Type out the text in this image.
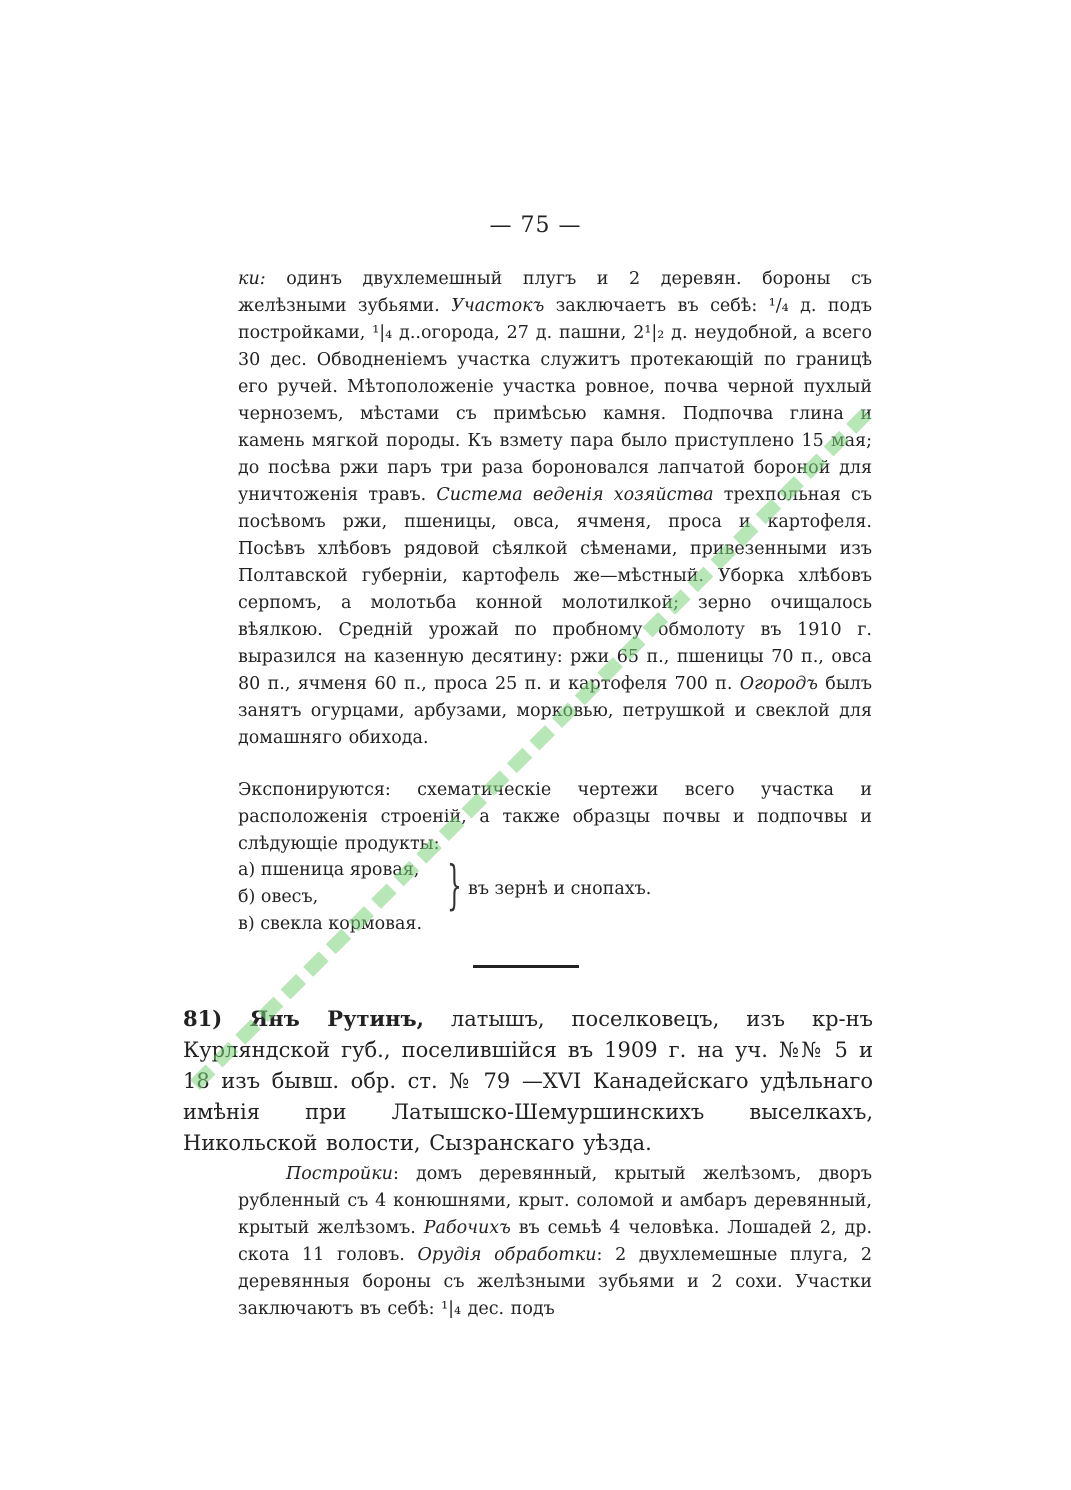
— 75 —

ки: одинъ двухлемешный плугъ и 2 деревян. бороны съ желѣзными зубьями. Участокъ заключаетъ въ себѣ: ¹/₄ д. подъ постройками, ¹|₄ д..огорода, 27 д. пашни, 2¹|₂ д. неудобной, а всего 30 дес. Обводненіемъ участка служитъ протекающій по границѣ его ручей. Мѣтоположеніе участка ровное, почва черной пухлый черноземъ, мѣстами съ примѣсью камня. Подпочва глина и камень мягкой породы. Къ взмету пара было приступлено 15 мая; до посѣва ржи паръ три раза бороновался лапчатой бороной для уничтоженія травъ. Система веденія хозяйства трехпольная съ посѣвомъ ржи, пшеницы, овса, ячменя, проса и картофеля. Посѣвъ хлѣбовъ рядовой сѣялкой сѣменами, привезенными изъ Полтавской губерніи, картофель же—мѣстный. Уборка хлѣбовъ серпомъ, а молотьба конной молотилкой; зерно очищалось вѣялкою. Средній урожай по пробному обмолоту въ 1910 г. выразился на казенную десятину: ржи 65 п., пшеницы 70 п., овса 80 п., ячменя 60 п., проса 25 п. и картофеля 700 п. Огородъ былъ занятъ огурцами, арбузами, морковью, петрушкой и свеклой для домашняго обихода.

Экспонируются: схематическіе чертежи всего участка и расположенія строеній, а также образцы почвы и подпочвы и слѣдующіе продукты:

а) пшеница яровая,
б) овесъ,
в) свекла кормовая.
} въ зернѣ и снопахъ.

81) Янъ Рутинъ, латышъ, поселковецъ, изъ кр-нъ Курляндской губ., поселившійся въ 1909 г. на уч. №№ 5 и 18 изъ бывш. обр. ст. № 79 —XVI Канадейскаго удѣльнаго имѣнія при Латышско-Шемуршинскихъ выселкахъ, Никольской волости, Сызранскаго уѣзда.

Постройки: домъ деревянный, крытый желѣзомъ, дворъ рубленный съ 4 конюшнями, крыт. соломой и амбаръ деревянный, крытый желѣзомъ. Рабочихъ въ семьѣ 4 человѣка. Лошадей 2, др. скота 11 головъ. Орудія обработки: 2 двухлемешные плуга, 2 деревянныя бороны съ желѣзными зубьями и 2 сохи. Участки заключаютъ въ себѣ: ¹|₄ дес. подъ
